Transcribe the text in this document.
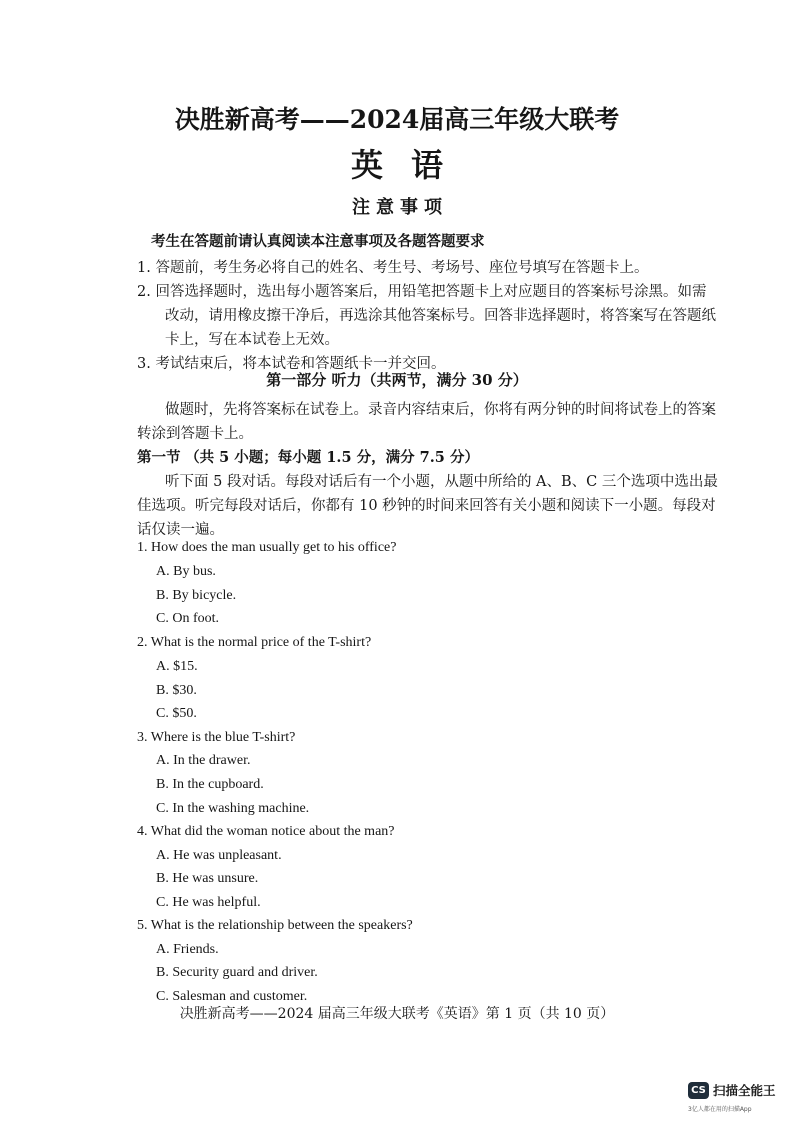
决胜新高考——2024届高三年级大联考
英语
注意事项
考生在答题前请认真阅读本注意事项及各题答题要求
1. 答题前，考生务必将自己的姓名、考生号、考场号、座位号填写在答题卡上。
2. 回答选择题时，选出每小题答案后，用铅笔把答题卡上对应题目的答案标号涂黑。如需
改动，请用橡皮擦干净后，再选涂其他答案标号。回答非选择题时，将答案写在答题纸
卡上，写在本试卷上无效。
3. 考试结束后，将本试卷和答题纸卡一并交回。
第一部分 听力（共两节，满分 30 分）
做题时，先将答案标在试卷上。录音内容结束后，你将有两分钟的时间将试卷上的答案
转涂到答题卡上。
第一节 （共 5 小题；每小题 1.5 分，满分 7.5 分）
听下面 5 段对话。每段对话后有一个小题，从题中所给的 A、B、C 三个选项中选出最
佳选项。听完每段对话后，你都有 10 秒钟的时间来回答有关小题和阅读下一小题。每段对
话仅读一遍。
1. How does the man usually get to his office?
A. By bus.
B. By bicycle.
C. On foot.
2. What is the normal price of the T-shirt?
A. $15.
B. $30.
C. $50.
3. Where is the blue T-shirt?
A. In the drawer.
B. In the cupboard.
C. In the washing machine.
4. What did the woman notice about the man?
A. He was unpleasant.
B. He was unsure.
C. He was helpful.
5. What is the relationship between the speakers?
A. Friends.
B. Security guard and driver.
C. Salesman and customer.
决胜新高考——2024 届高三年级大联考《英语》第 1 页（共 10 页）
CS 扫描全能王
3亿人都在用的扫描App
